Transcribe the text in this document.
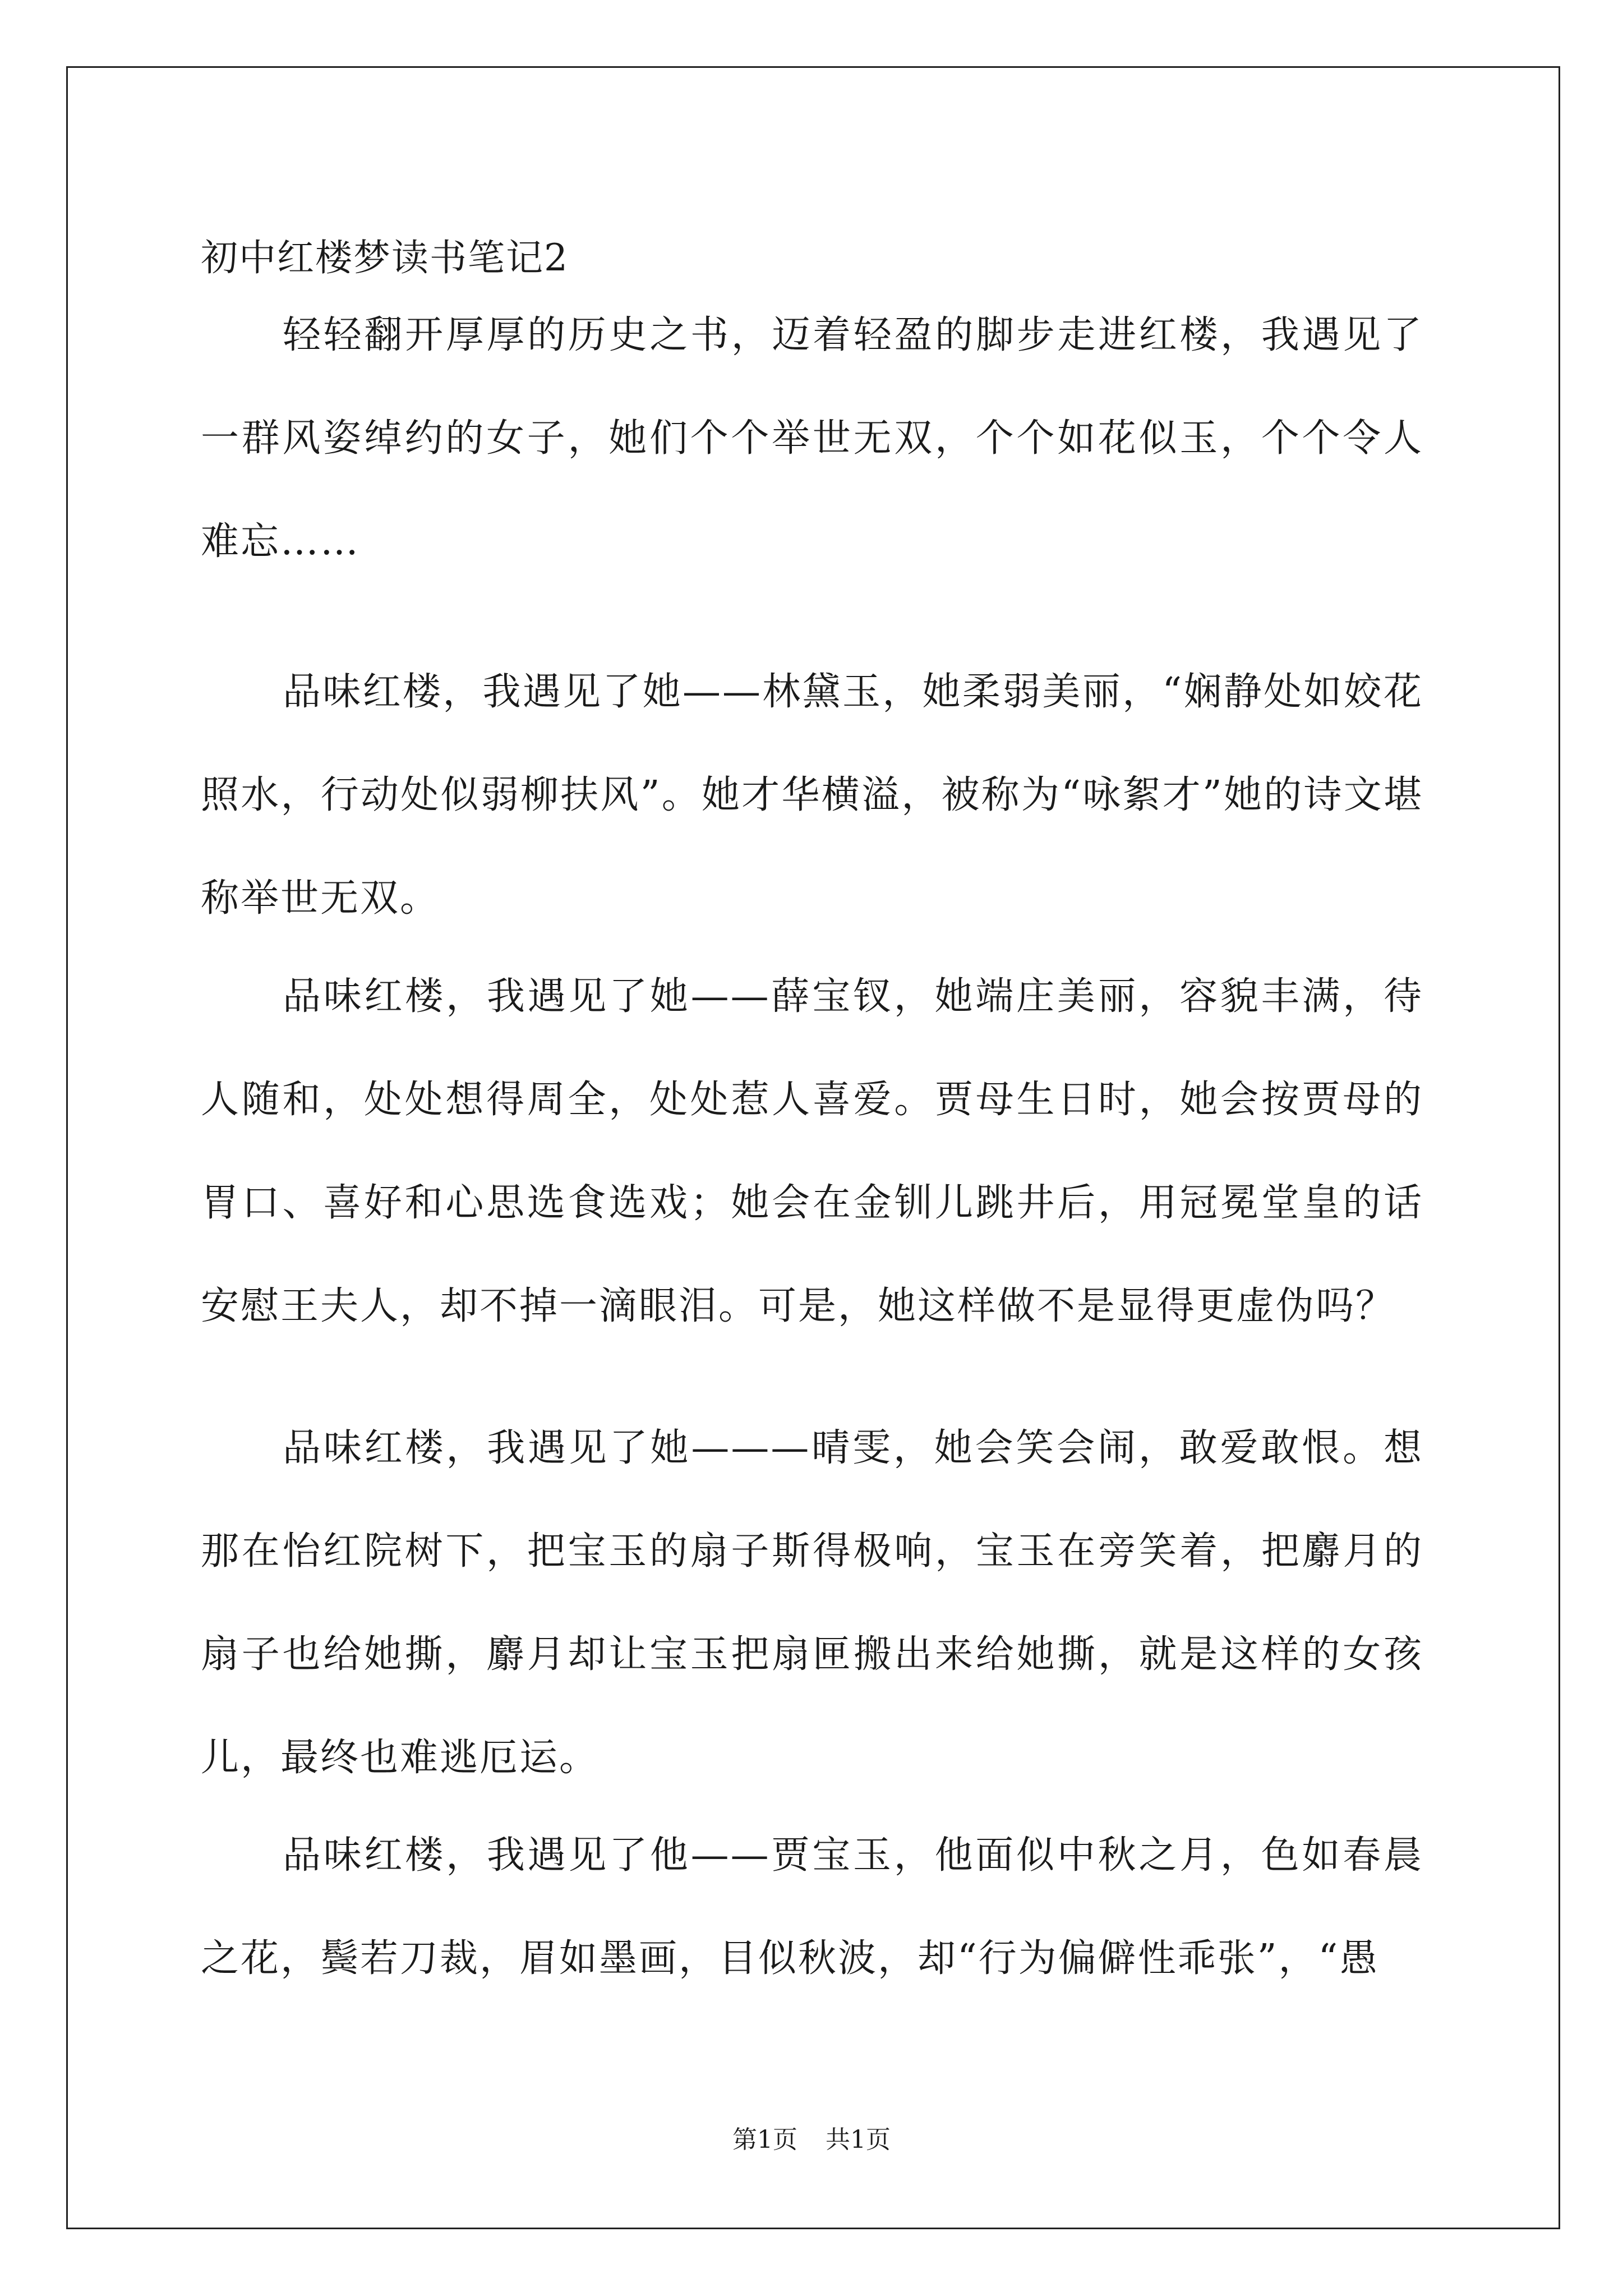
初中红楼梦读书笔记2

轻轻翻开厚厚的历史之书，迈着轻盈的脚步走进红楼，我遇见了一群风姿绰约的女子，她们个个举世无双，个个如花似玉，个个令人难忘……

品味红楼，我遇见了她——林黛玉，她柔弱美丽，“娴静处如姣花照水，行动处似弱柳扶风”。她才华横溢，被称为“咏絮才”她的诗文堪称举世无双。

品味红楼，我遇见了她——薛宝钗，她端庄美丽，容貌丰满，待人随和，处处想得周全，处处惹人喜爱。贾母生日时，她会按贾母的胃口、喜好和心思选食选戏；她会在金钏儿跳井后，用冠冕堂皇的话安慰王夫人，却不掉一滴眼泪。可是，她这样做不是显得更虚伪吗？

品味红楼，我遇见了她———晴雯，她会笑会闹，敢爱敢恨。想那在怡红院树下，把宝玉的扇子斯得极响，宝玉在旁笑着，把麝月的扇子也给她撕，麝月却让宝玉把扇匣搬出来给她撕，就是这样的女孩儿，最终也难逃厄运。

品味红楼，我遇见了他——贾宝玉，他面似中秋之月，色如春晨之花，鬓若刀裁，眉如墨画，目似秋波，却“行为偏僻性乖张”，“愚

第1页 共1页
